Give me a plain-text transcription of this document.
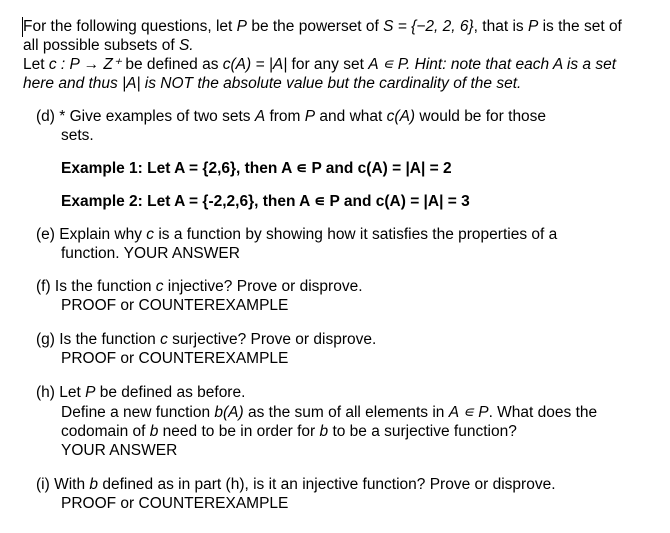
For the following questions, let P be the powerset of S = {−2, 2, 6}, that is P is the set of
all possible subsets of S.
Let c : P → Z⁺ be defined as c(A) = |A| for any set A ∊ P. Hint: note that each A is a set
here and thus |A| is NOT the absolute value but the cardinality of the set.
(d) * Give examples of two sets A from P and what c(A) would be for those
sets.
Example 1: Let A = {2,6}, then A ∊ P and c(A) = |A| = 2
Example 2: Let A = {-2,2,6}, then A ∊ P and c(A) = |A| = 3
(e) Explain why c is a function by showing how it satisfies the properties of a
function. YOUR ANSWER
(f) Is the function c injective? Prove or disprove.
PROOF or COUNTEREXAMPLE
(g) Is the function c surjective? Prove or disprove.
PROOF or COUNTEREXAMPLE
(h) Let P be defined as before.
Define a new function b(A) as the sum of all elements in A ∊ P. What does the
codomain of b need to be in order for b to be a surjective function?
YOUR ANSWER
(i) With b defined as in part (h), is it an injective function? Prove or disprove.
PROOF or COUNTEREXAMPLE
